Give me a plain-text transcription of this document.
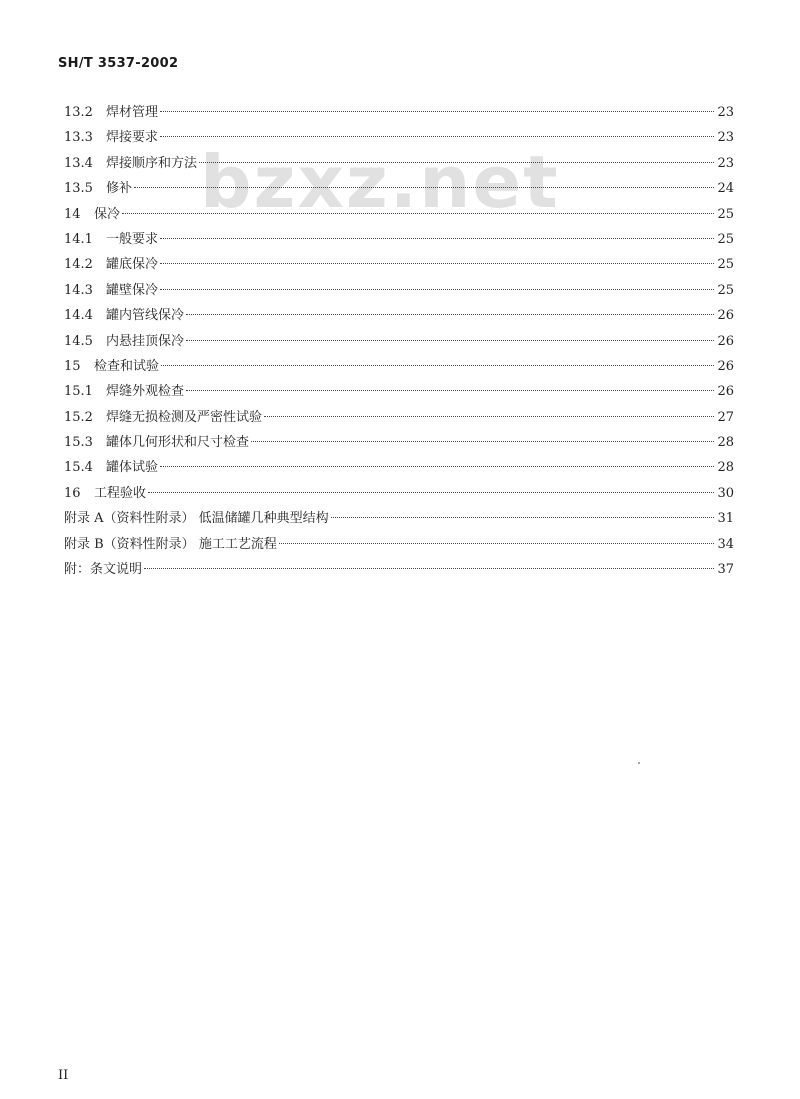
SH/T 3537-2002
bzxz.net
13.2	焊材管理	23
13.3	焊接要求	23
13.4	焊接顺序和方法	23
13.5	修补	24
14	保冷	25
14.1	一般要求	25
14.2	罐底保冷	25
14.3	罐壁保冷	25
14.4	罐内管线保冷	26
14.5	内悬挂顶保冷	26
15	检查和试验	26
15.1	焊缝外观检查	26
15.2	焊缝无损检测及严密性试验	27
15.3	罐体几何形状和尺寸检查	28
15.4	罐体试验	28
16	工程验收	30
附录 A（资料性附录） 低温储罐几种典型结构	31
附录 B（资料性附录） 施工工艺流程	34
附：条文说明	37
II
